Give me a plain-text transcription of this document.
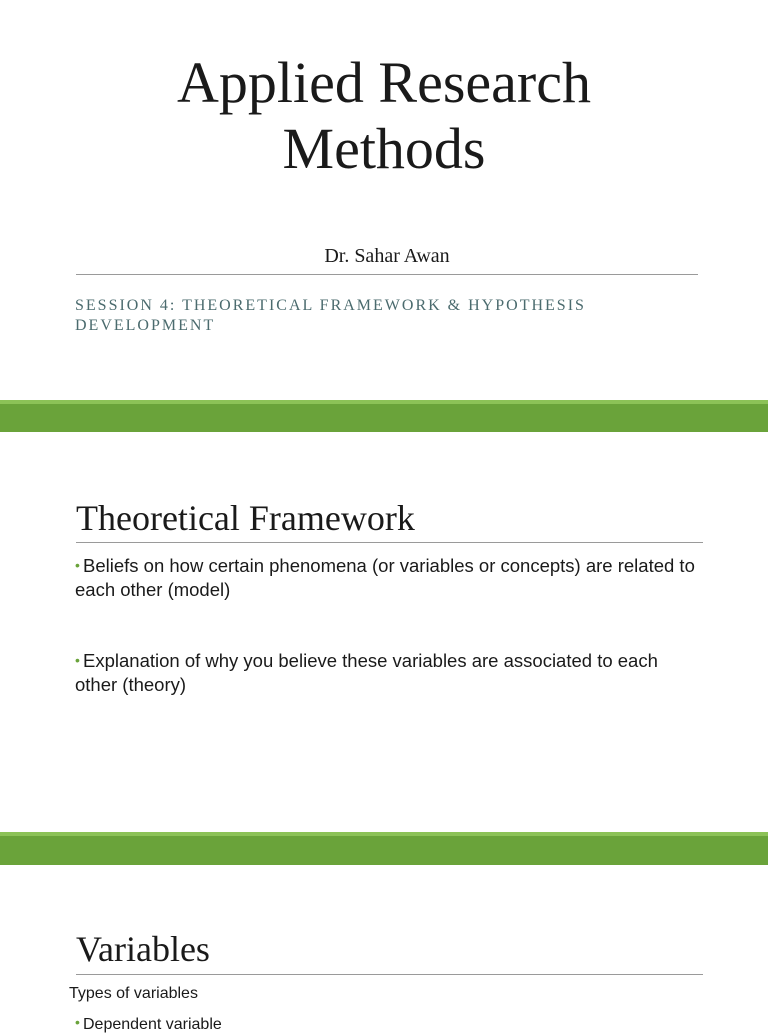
Applied Research
Methods
Dr. Sahar Awan

SESSION 4: THEORETICAL FRAMEWORK & HYPOTHESIS DEVELOPMENT

Theoretical Framework

• Beliefs on how certain phenomena (or variables or concepts) are related to each other (model)

• Explanation of why you believe these variables are associated to each other (theory)

Variables

Types of variables

• Dependent variable
